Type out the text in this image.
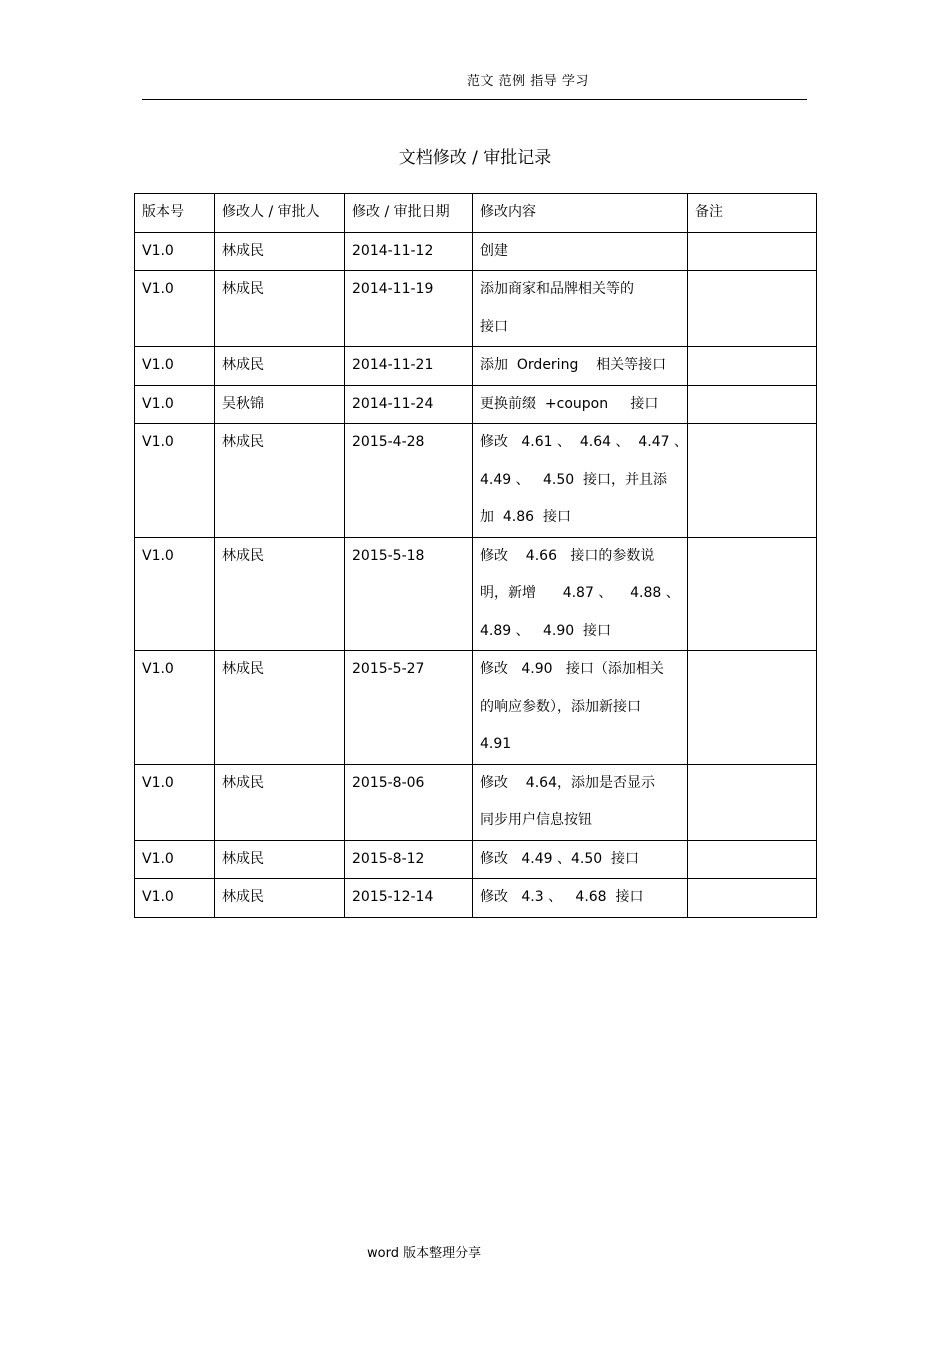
范文 范例 指导 学习
文档修改 / 审批记录
版本号	修改人 / 审批人	修改 / 审批日期	修改内容	备注

V1.0	林成民	2014-11-12	创建	

V1.0	林成民	2014-11-19	添加商家和品牌相关等的
接口	

V1.0	林成民	2014-11-21	添加  Ordering    相关等接口	

V1.0	吴秋锦	2014-11-24	更换前缀  +coupon     接口	

V1.0	林成民	2015-4-28	修改   4.61 、  4.64 、  4.47 、
4.49 、   4.50  接口，并且添
加  4.86  接口	

V1.0	林成民	2015-5-18	修改    4.66   接口的参数说
明，新增      4.87 、    4.88 、
4.89 、   4.90  接口	

V1.0	林成民	2015-5-27	修改   4.90   接口（添加相关
的响应参数），添加新接口
4.91	

V1.0	林成民	2015-8-06	修改    4.64，添加是否显示
同步用户信息按钮	

V1.0	林成民	2015-8-12	修改   4.49 、4.50  接口	

V1.0	林成民	2015-12-14	修改   4.3 、   4.68  接口	

word 版本整理分享
